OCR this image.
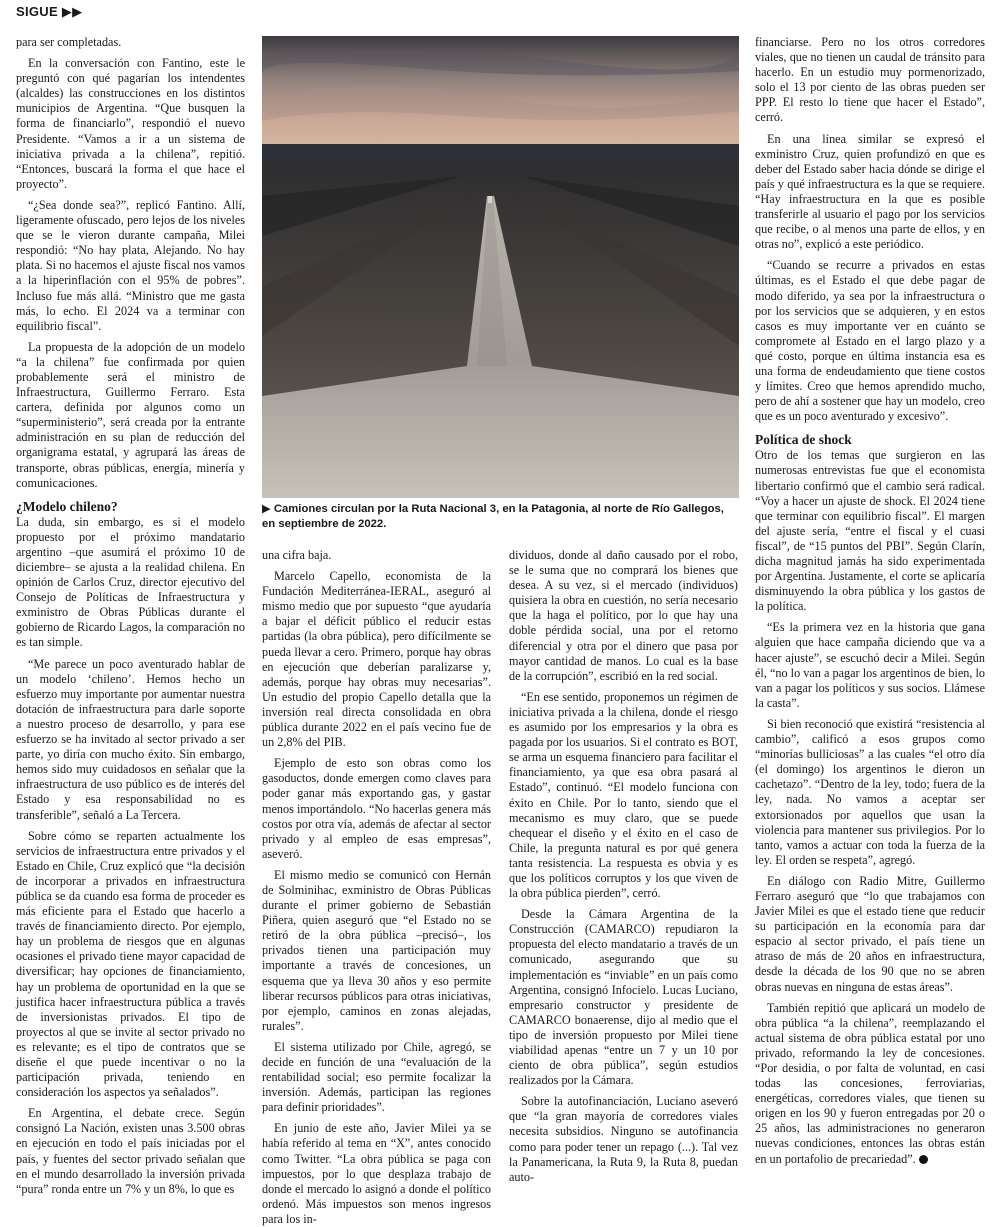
SIGUE ▶▶

para ser completadas.

En la conversación con Fantino, este le preguntó con qué pagarían los intendentes (alcaldes) las construcciones en los distintos municipios de Argentina. “Que busquen la forma de financiarlo”, respondió el nuevo Presidente. “Vamos a ir a un sistema de iniciativa privada a la chilena”, repitió. “Entonces, buscará la forma el que hace el proyecto”.

“¿Sea donde sea?”, replicó Fantino. Allí, ligeramente ofuscado, pero lejos de los niveles que se le vieron durante campaña, Milei respondió: “No hay plata, Alejando. No hay plata. Si no hacemos el ajuste fiscal nos vamos a la hiperinflación con el 95% de pobres”. Incluso fue más allá. “Ministro que me gasta más, lo echo. El 2024 va a terminar con equilibrio fiscal”.

La propuesta de la adopción de un modelo “a la chilena” fue confirmada por quien probablemente será el ministro de Infraestructura, Guillermo Ferraro. Esta cartera, definida por algunos como un “superministerio”, será creada por la entrante administración en su plan de reducción del organigrama estatal, y agrupará las áreas de transporte, obras públicas, energía, minería y comunicaciones.

¿Modelo chileno?

La duda, sin embargo, es si el modelo propuesto por el próximo mandatario argentino –que asumirá el próximo 10 de diciembre– se ajusta a la realidad chilena. En opinión de Carlos Cruz, director ejecutivo del Consejo de Políticas de Infraestructura y exministro de Obras Públicas durante el gobierno de Ricardo Lagos, la comparación no es tan simple.

“Me parece un poco aventurado hablar de un modelo ‘chileno’. Hemos hecho un esfuerzo muy importante por aumentar nuestra dotación de infraestructura para darle soporte a nuestro proceso de desarrollo, y para ese esfuerzo se ha invitado al sector privado a ser parte, yo diría con mucho éxito. Sin embargo, hemos sido muy cuidadosos en señalar que la infraestructura de uso público es de interés del Estado y esa responsabilidad no es transferible”, señaló a La Tercera.

Sobre cómo se reparten actualmente los servicios de infraestructura entre privados y el Estado en Chile, Cruz explicó que “la decisión de incorporar a privados en infraestructura pública se da cuando esa forma de proceder es más eficiente para el Estado que hacerlo a través de financiamiento directo. Por ejemplo, hay un problema de riesgos que en algunas ocasiones el privado tiene mayor capacidad de diversificar; hay opciones de financiamiento, hay un problema de oportunidad en la que se justifica hacer infraestructura pública a través de inversionistas privados. El tipo de proyectos al que se invite al sector privado no es relevante; es el tipo de contratos que se diseñe el que puede incentivar o no la participación privada, teniendo en consideración los aspectos ya señalados”.

En Argentina, el debate crece. Según consignó La Nación, existen unas 3.500 obras en ejecución en todo el país iniciadas por el país, y fuentes del sector privado señalan que en el mundo desarrollado la inversión privada “pura” ronda entre un 7% y un 8%, lo que es

▶ Camiones circulan por la Ruta Nacional 3, en la Patagonia, al norte de Río Gallegos, en septiembre de 2022.

una cifra baja.

Marcelo Capello, economista de la Fundación Mediterránea-IERAL, aseguró al mismo medio que por supuesto “que ayudaría a bajar el déficit público el reducir estas partidas (la obra pública), pero difícilmente se pueda llevar a cero. Primero, porque hay obras en ejecución que deberían paralizarse y, además, porque hay obras muy necesarias”. Un estudio del propio Capello detalla que la inversión real directa consolidada en obra pública durante 2022 en el país vecino fue de un 2,8% del PIB.

Ejemplo de esto son obras como los gasoductos, donde emergen como claves para poder ganar más exportando gas, y gastar menos importándolo. “No hacerlas genera más costos por otra vía, además de afectar al sector privado y al empleo de esas empresas”, aseveró.

El mismo medio se comunicó con Hernán de Solminihac, exministro de Obras Públicas durante el primer gobierno de Sebastián Piñera, quien aseguró que “el Estado no se retiró de la obra pública –precisó–, los privados tienen una participación muy importante a través de concesiones, un esquema que ya lleva 30 años y eso permite liberar recursos públicos para otras iniciativas, por ejemplo, caminos en zonas alejadas, rurales”.

El sistema utilizado por Chile, agregó, se decide en función de una “evaluación de la rentabilidad social; eso permite focalizar la inversión. Además, participan las regiones para definir prioridades”.

En junio de este año, Javier Milei ya se había referido al tema en “X”, antes conocido como Twitter. “La obra pública se paga con impuestos, por lo que desplaza trabajo de donde el mercado lo asignó a donde el político ordenó. Más impuestos son menos ingresos para los in-

dividuos, donde al daño causado por el robo, se le suma que no comprará los bienes que desea. A su vez, si el mercado (individuos) quisiera la obra en cuestión, no sería necesario que la haga el político, por lo que hay una doble pérdida social, una por el retorno diferencial y otra por el dinero que pasa por mayor cantidad de manos. Lo cual es la base de la corrupción”, escribió en la red social.

“En ese sentido, proponemos un régimen de iniciativa privada a la chilena, donde el riesgo es asumido por los empresarios y la obra es pagada por los usuarios. Si el contrato es BOT, se arma un esquema financiero para facilitar el financiamiento, ya que esa obra pasará al Estado”, continuó. “El modelo funciona con éxito en Chile. Por lo tanto, siendo que el mecanismo es muy claro, que se puede chequear el diseño y el éxito en el caso de Chile, la pregunta natural es por qué genera tanta resistencia. La respuesta es obvia y es que los políticos corruptos y los que viven de la obra pública pierden”, cerró.

Desde la Cámara Argentina de la Construcción (CAMARCO) repudiaron la propuesta del electo mandatario a través de un comunicado, asegurando que su implementación es “inviable” en un país como Argentina, consignó Infocielo. Lucas Luciano, empresario constructor y presidente de CAMARCO bonaerense, dijo al medio que el tipo de inversión propuesto por Milei tiene viabilidad apenas “entre un 7 y un 10 por ciento de obra pública”, según estudios realizados por la Cámara.

Sobre la autofinanciación, Luciano aseveró que “la gran mayoría de corredores viales necesita subsidios. Ninguno se autofinancia como para poder tener un repago (...). Tal vez la Panamericana, la Ruta 9, la Ruta 8, puedan auto-

financiarse. Pero no los otros corredores viales, que no tienen un caudal de tránsito para hacerlo. En un estudio muy pormenorizado, solo el 13 por ciento de las obras pueden ser PPP. El resto lo tiene que hacer el Estado”, cerró.

En una línea similar se expresó el exministro Cruz, quien profundizó en que es deber del Estado saber hacia dónde se dirige el país y qué infraestructura es la que se requiere. “Hay infraestructura en la que es posible transferirle al usuario el pago por los servicios que recibe, o al menos una parte de ellos, y en otras no”, explicó a este periódico.

“Cuando se recurre a privados en estas últimas, es el Estado el que debe pagar de modo diferido, ya sea por la infraestructura o por los servicios que se adquieren, y en estos casos es muy importante ver en cuánto se compromete al Estado en el largo plazo y a qué costo, porque en última instancia esa es una forma de endeudamiento que tiene costos y límites. Creo que hemos aprendido mucho, pero de ahí a sostener que hay un modelo, creo que es un poco aventurado y excesivo”.

Política de shock

Otro de los temas que surgieron en las numerosas entrevistas fue que el economista libertario confirmó que el cambio será radical. “Voy a hacer un ajuste de shock. El 2024 tiene que terminar con equilibrio fiscal”. El margen del ajuste sería, “entre el fiscal y el cuasi fiscal”, de “15 puntos del PBI”. Según Clarín, dicha magnitud jamás ha sido experimentada por Argentina. Justamente, el corte se aplicaría disminuyendo la obra pública y los gastos de la política.

“Es la primera vez en la historia que gana alguien que hace campaña diciendo que va a hacer ajuste”, se escuchó decir a Milei. Según él, “no lo van a pagar los argentinos de bien, lo van a pagar los políticos y sus socios. Llámese la casta”.

Si bien reconoció que existirá “resistencia al cambio”, calificó a esos grupos como “minorías bulliciosas” a las cuales “el otro día (el domingo) los argentinos le dieron un cachetazo”. “Dentro de la ley, todo; fuera de la ley, nada. No vamos a aceptar ser extorsionados por aquellos que usan la violencia para mantener sus privilegios. Por lo tanto, vamos a actuar con toda la fuerza de la ley. El orden se respeta”, agregó.

En diálogo con Radio Mitre, Guillermo Ferraro aseguró que “lo que trabajamos con Javier Milei es que el estado tiene que reducir su participación en la economía para dar espacio al sector privado, el país tiene un atraso de más de 20 años en infraestructura, desde la década de los 90 que no se abren obras nuevas en ninguna de estas áreas”.

También repitió que aplicará un modelo de obra pública “a la chilena”, reemplazando el actual sistema de obra pública estatal por uno privado, reformando la ley de concesiones. “Por desidia, o por falta de voluntad, en casi todas las concesiones, ferroviarias, energéticas, corredores viales, que tienen su origen en los 90 y fueron entregadas por 20 o 25 años, las administraciones no generaron nuevas condiciones, entonces las obras están en un portafolio de precariedad”.
